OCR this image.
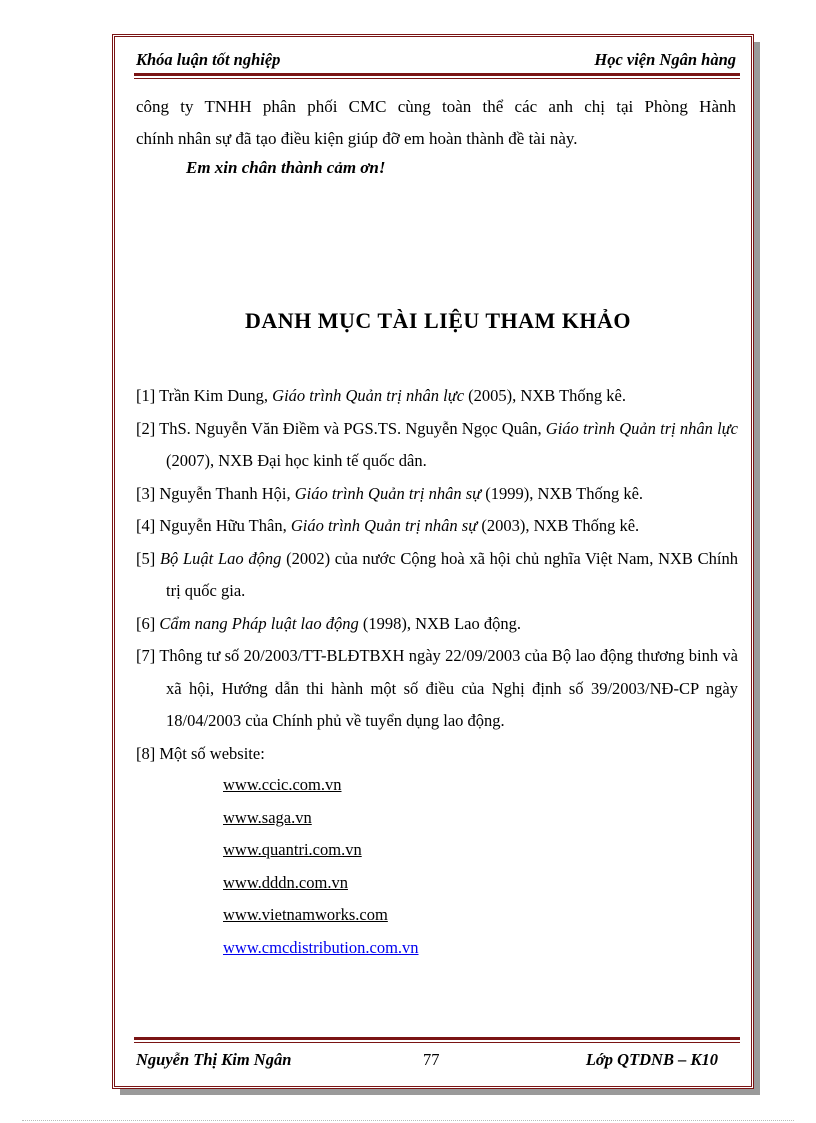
Khóa luận tốt nghiệp	Học viện Ngân hàng
công ty TNHH phân phối CMC cùng toàn thể các anh chị tại Phòng Hành
chính nhân sự đã tạo điều kiện giúp đỡ em hoàn thành đề tài này.
Em xin chân thành cảm ơn!
DANH MỤC TÀI LIỆU THAM KHẢO
[1] Trần Kim Dung, Giáo trình Quản trị nhân lực (2005), NXB Thống kê.
[2] ThS. Nguyễn Văn Điềm và PGS.TS. Nguyễn Ngọc Quân, Giáo trình Quản trị nhân lực (2007), NXB Đại học kinh tế quốc dân.
[3] Nguyễn Thanh Hội, Giáo trình Quản trị nhân sự (1999), NXB Thống kê.
[4] Nguyễn Hữu Thân, Giáo trình Quản trị nhân sự (2003), NXB Thống kê.
[5] Bộ Luật Lao động (2002) của nước Cộng hoà xã hội chủ nghĩa Việt Nam, NXB Chính trị quốc gia.
[6] Cẩm nang Pháp luật lao động (1998), NXB Lao động.
[7] Thông tư số 20/2003/TT-BLĐTBXH ngày 22/09/2003 của Bộ lao động thương binh và xã hội, Hướng dẫn thi hành một số điều của Nghị định số 39/2003/NĐ-CP ngày 18/04/2003 của Chính phủ về tuyển dụng lao động.
[8] Một số website:
www.ccic.com.vn
www.saga.vn
www.quantri.com.vn
www.dddn.com.vn
www.vietnamworks.com
www.cmcdistribution.com.vn
Nguyễn Thị Kim Ngân	77	Lớp QTDNB – K10
